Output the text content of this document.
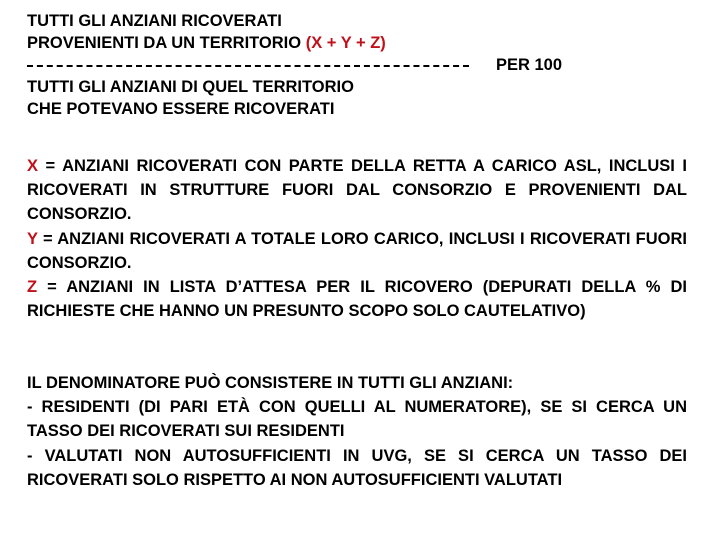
TUTTI GLI ANZIANI RICOVERATI
PROVENIENTI DA UN TERRITORIO (X + Y + Z)
PER 100
TUTTI GLI ANZIANI DI QUEL TERRITORIO
CHE POTEVANO ESSERE RICOVERATI
X = ANZIANI RICOVERATI CON PARTE DELLA RETTA A CARICO ASL, INCLUSI I RICOVERATI IN STRUTTURE FUORI DAL CONSORZIO E PROVENIENTI DAL CONSORZIO.
Y = ANZIANI RICOVERATI A TOTALE LORO CARICO, INCLUSI I RICOVERATI FUORI CONSORZIO.
Z = ANZIANI IN LISTA D’ATTESA PER IL RICOVERO (DEPURATI DELLA % DI RICHIESTE CHE HANNO UN PRESUNTO SCOPO SOLO CAUTELATIVO)
IL DENOMINATORE PUÒ CONSISTERE IN TUTTI GLI ANZIANI:
- RESIDENTI (DI PARI ETÀ CON QUELLI AL NUMERATORE), SE SI CERCA UN TASSO DEI RICOVERATI SUI RESIDENTI
- VALUTATI NON AUTOSUFFICIENTI IN UVG, SE SI CERCA UN TASSO DEI RICOVERATI SOLO RISPETTO AI NON AUTOSUFFICIENTI VALUTATI
